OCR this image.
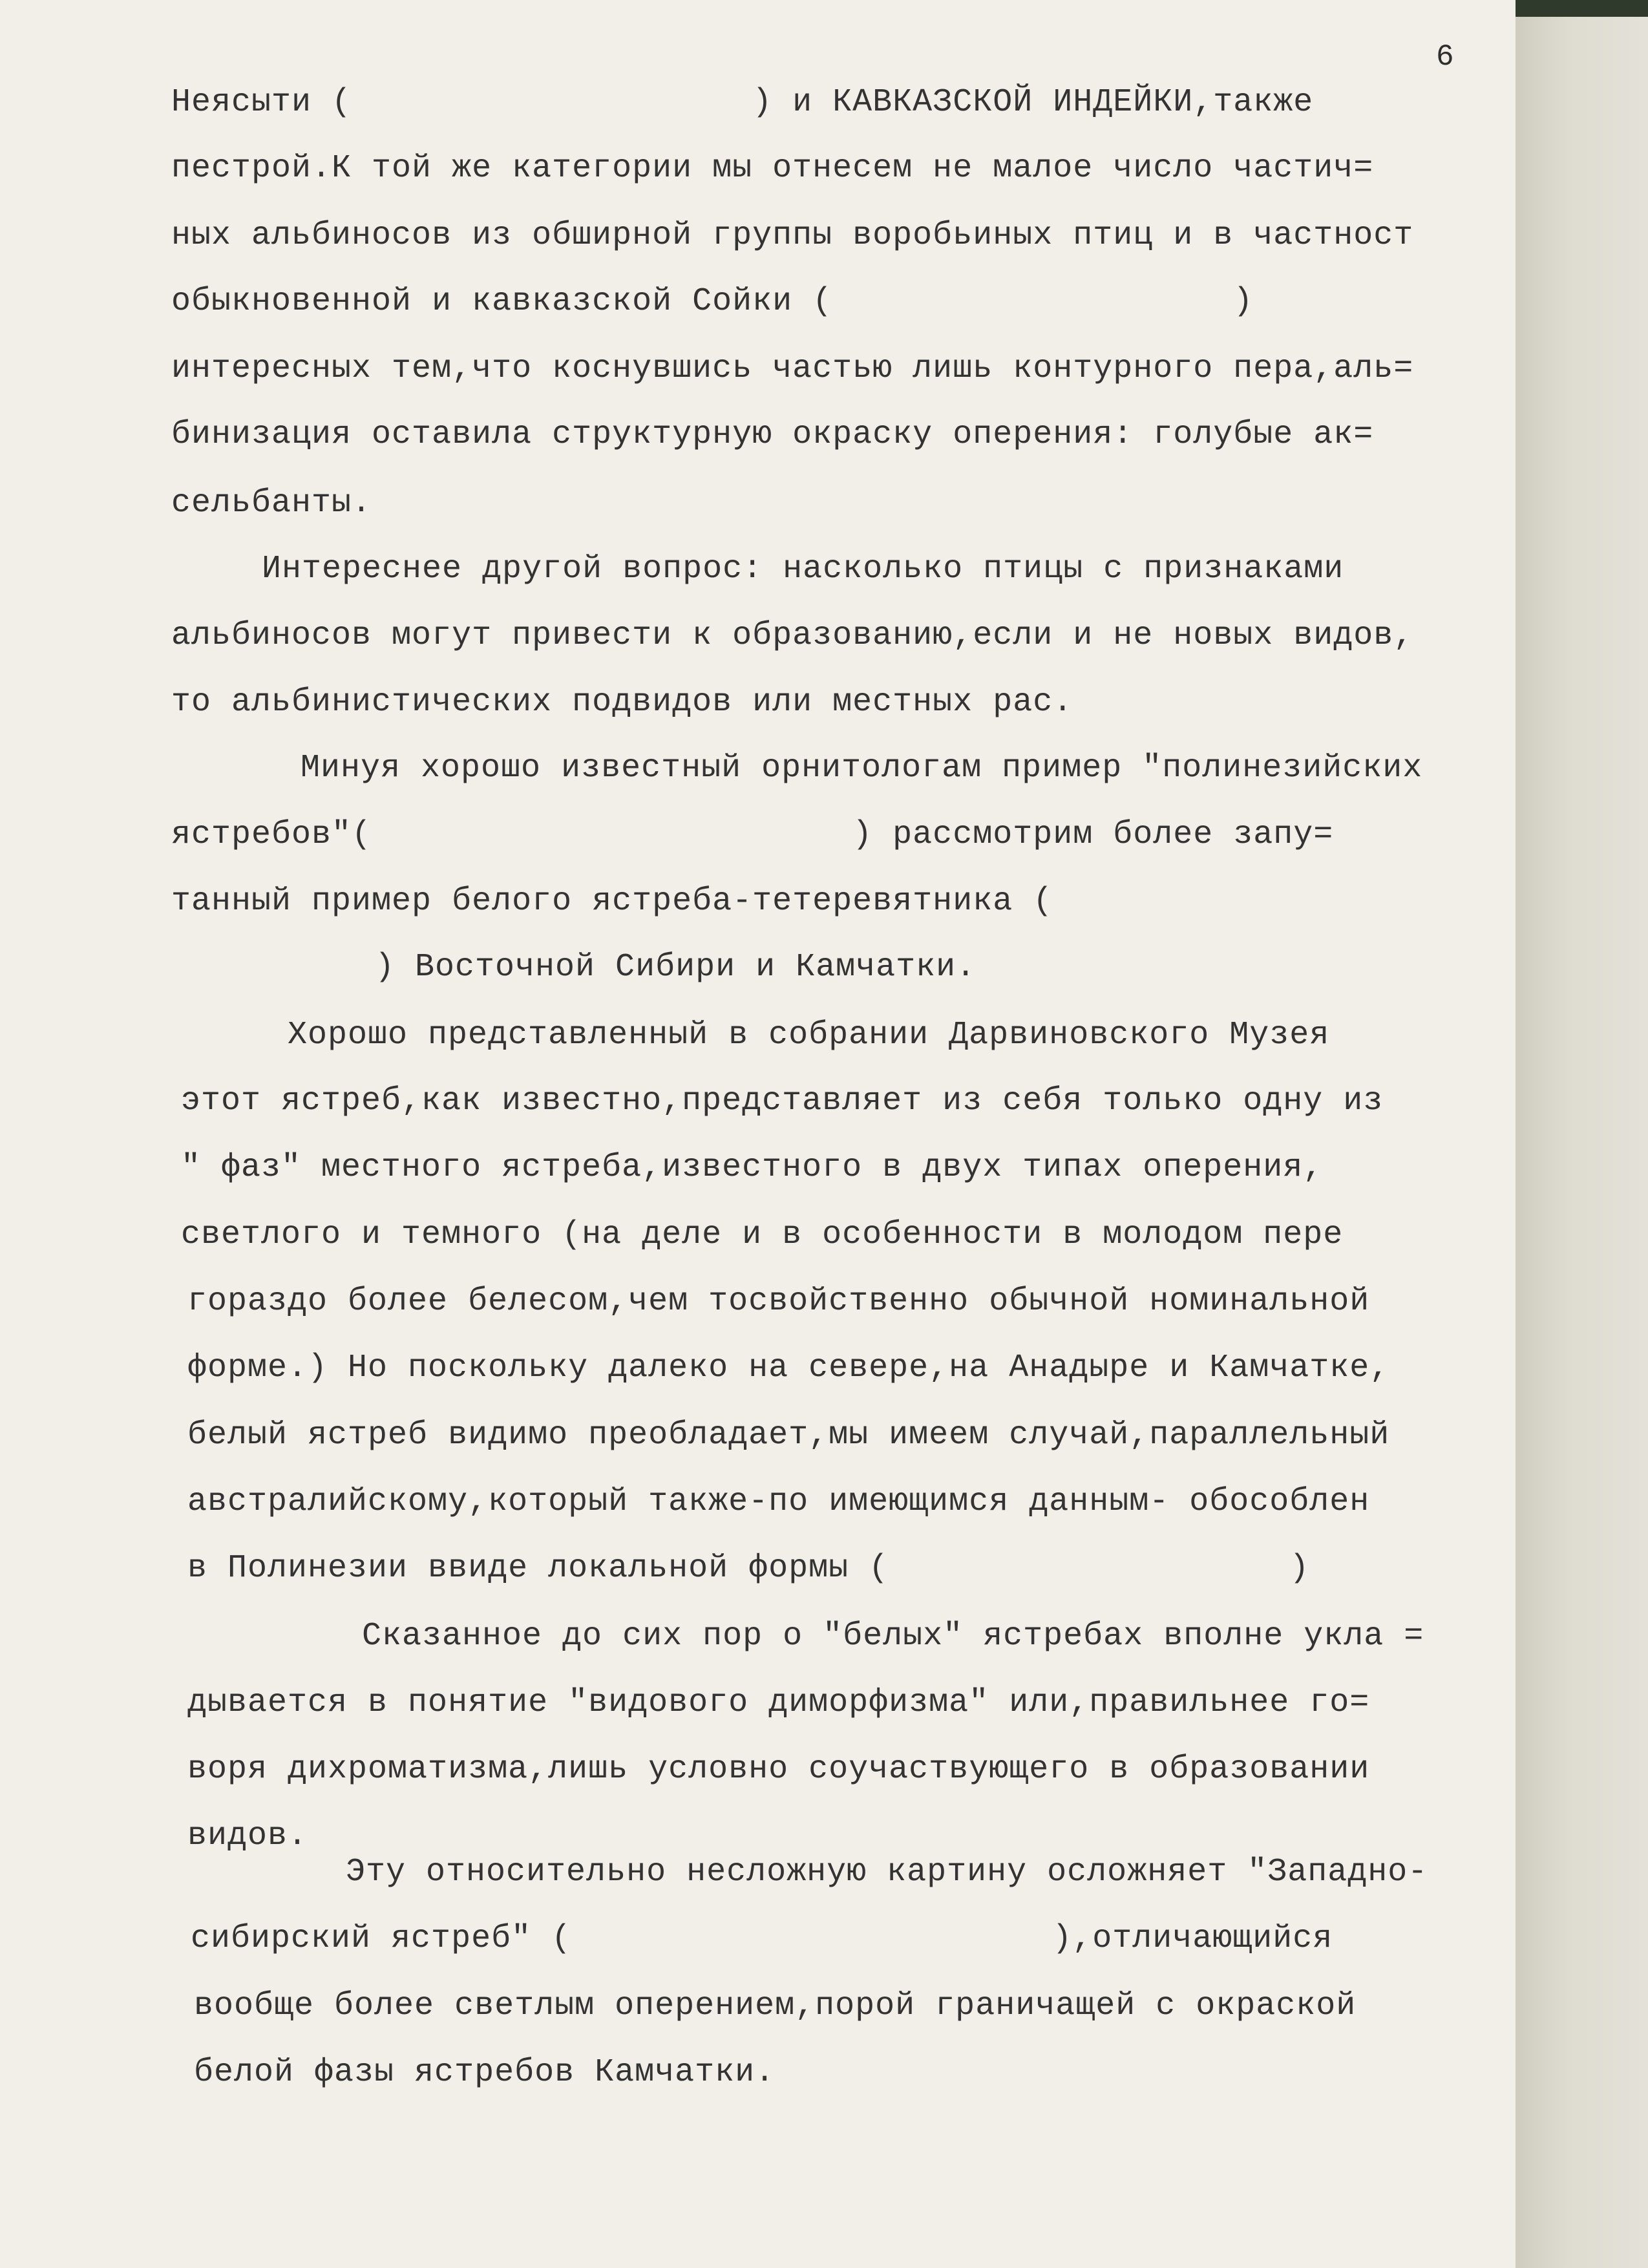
6

Неясыти (                    ) и КАВКАЗСКОЙ ИНДЕЙКИ,также

пестрой.К той же категории мы отнесем не малое число частич=

ных альбиносов из обширной группы воробьиных птиц и в частност

обыкновенной и кавказской Сойки (                    )

интересных тем,что коснувшись частью лишь контурного пера,аль=

бинизация оставила структурную окраску оперения: голубые ак=

сельбанты.

Интереснее другой вопрос: насколько птицы с признаками

альбиносов могут привести к образованию,если и не новых видов,

то альбинистических подвидов или местных рас.

Минуя хорошо известный орнитологам пример "полинезийских

ястребов"(                        ) рассмотрим более запу=

танный пример белого ястреба-тетеревятника (

) Восточной Сибири и Камчатки.

Хорошо представленный в собрании Дарвиновского Музея

этот ястреб,как известно,представляет из себя только одну из

" фаз" местного ястреба,известного в двух типах оперения,

светлого и темного (на деле и в особенности в молодом пере

гораздо более белесом,чем тосвойственно обычной номинальной

форме.) Но поскольку далеко на севере,на Анадыре и Камчатке,

белый ястреб видимо преобладает,мы имеем случай,параллельный

австралийскому,который также-по имеющимся данным- обособлен

в Полинезии ввиде локальной формы (                    )

Сказанное до сих пор о "белых" ястребах вполне укла =

дывается в понятие "видового диморфизма" или,правильнее го=

воря дихроматизма,лишь условно соучаствующего в образовании

видов.

Эту относительно несложную картину осложняет "Западно-

сибирский ястреб" (                        ),отличающийся

вообще более светлым оперением,порой граничащей с окраской

белой фазы ястребов Камчатки.
